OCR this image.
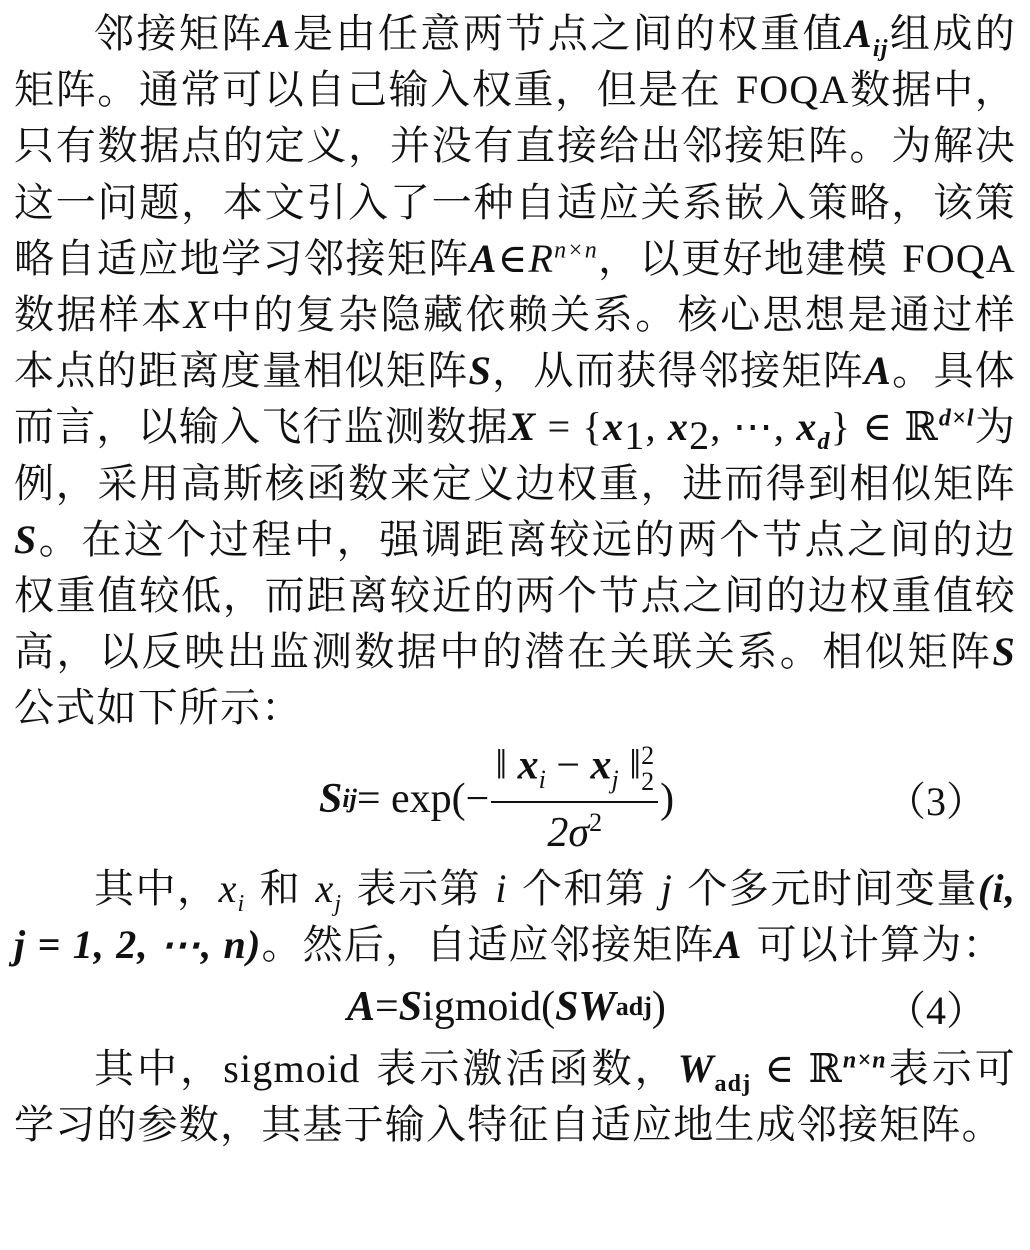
邻接矩阵A是由任意两节点之间的权重值$A_{ij}$组成的矩阵。通常可以自己输入权重，但是在 FOQA数据中，只有数据点的定义，并没有直接给出邻接矩阵。为解决这一问题，本文引入了一种自适应关系嵌入策略，该策略自适应地学习邻接矩阵$A\in R^{n\times n}$，以更好地建模 FOQA 数据样本X中的复杂隐藏依赖关系。核心思想是通过样本点的距离度量相似矩阵S，从而获得邻接矩阵A。具体而言，以输入飞行监测数据$X = \{x_1$, $x_2$, ⋯, $x_d$} ∈ ℝ$^{d\times l}$为例，采用高斯核函数来定义边权重，进而得到相似矩阵S。在这个过程中，强调距离较远的两个节点之间的边权重值较低，而距离较近的两个节点之间的边权重值较高，以反映出监测数据中的潜在关联关系。相似矩阵S 公式如下所示：

S ij = exp(− ‖ $x_i - x_j$ ‖ 2
2
$2\sigma^2$ )	（3）

其中，$x_i$ 和 $x_j$ 表示第 i 个和第 j 个多元时间变量(i, j = 1, 2, ⋯, n)。然后，自适应邻接矩阵A 可以计算为：

A = S igmoid( SW adj )	（4）

其中，sigmoid 表示激活函数，$W_{adj}$ ∈ ℝ$^{n\times n}$表示可学习的参数，其基于输入特征自适应地生成邻接矩阵。
